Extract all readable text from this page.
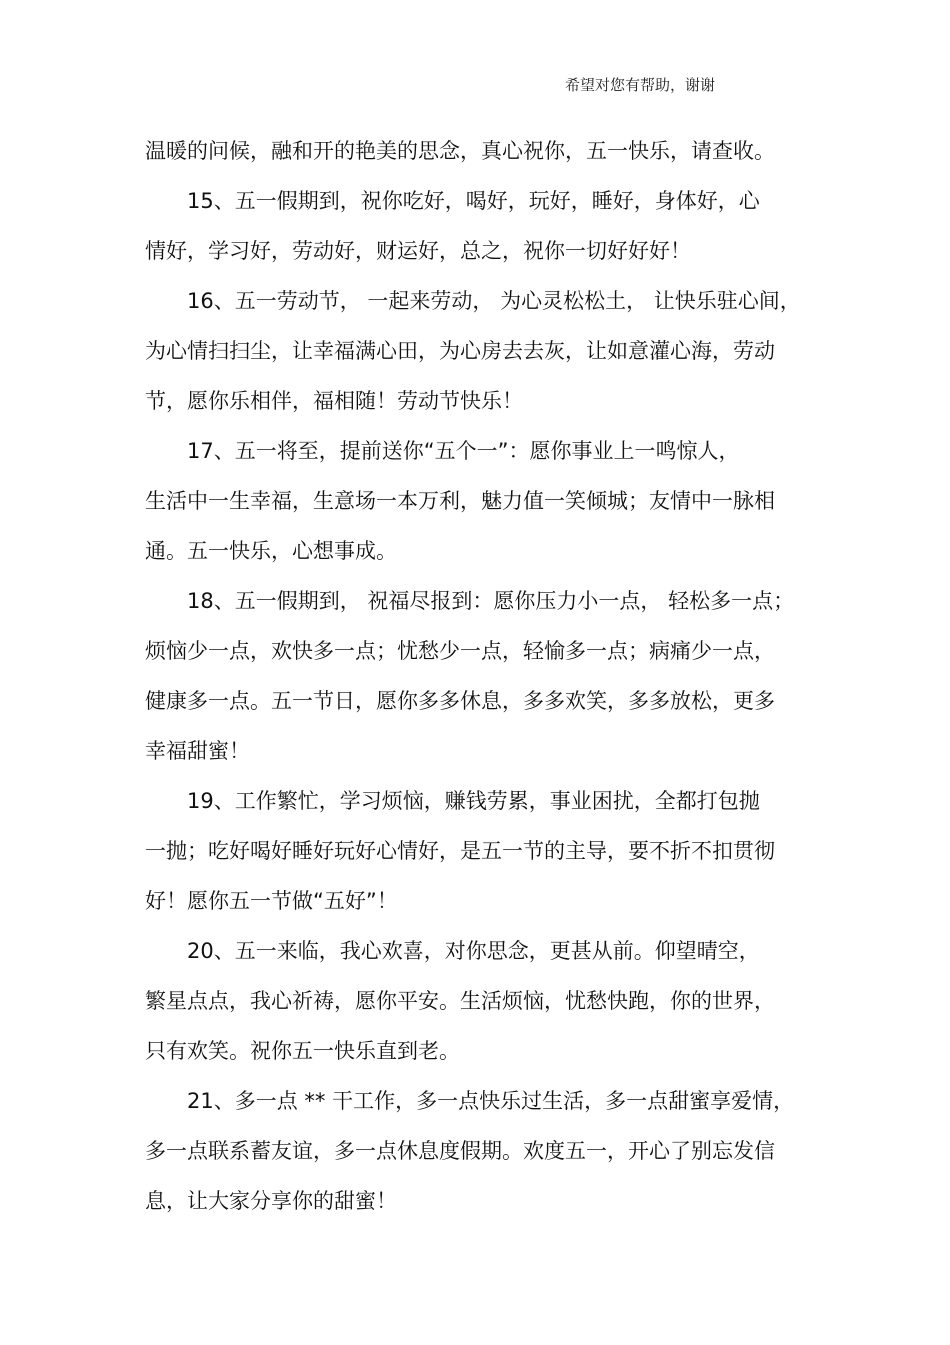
希望对您有帮助，谢谢
温暖的问候，融和开的艳美的思念，真心祝你，五一快乐，请查收。
15、五一假期到，祝你吃好，喝好，玩好，睡好，身体好，心
情好，学习好，劳动好，财运好，总之，祝你一切好好好！
16、五一劳动节， 一起来劳动， 为心灵松松土， 让快乐驻心间，
为心情扫扫尘，让幸福满心田，为心房去去灰，让如意灌心海，劳动
节，愿你乐相伴，福相随！劳动节快乐！
17、五一将至，提前送你“五个一”：愿你事业上一鸣惊人，
生活中一生幸福，生意场一本万利，魅力值一笑倾城；友情中一脉相
通。五一快乐，心想事成。
18、五一假期到， 祝福尽报到：愿你压力小一点， 轻松多一点；
烦恼少一点，欢快多一点；忧愁少一点，轻愉多一点；病痛少一点，
健康多一点。五一节日，愿你多多休息，多多欢笑，多多放松，更多
幸福甜蜜！
19、工作繁忙，学习烦恼，赚钱劳累，事业困扰，全都打包抛
一抛；吃好喝好睡好玩好心情好，是五一节的主导，要不折不扣贯彻
好！愿你五一节做“五好”！
20、五一来临，我心欢喜，对你思念，更甚从前。仰望晴空，
繁星点点，我心祈祷，愿你平安。生活烦恼，忧愁快跑，你的世界，
只有欢笑。祝你五一快乐直到老。
21、多一点 ** 干工作，多一点快乐过生活，多一点甜蜜享爱情，
多一点联系蓄友谊，多一点休息度假期。欢度五一，开心了别忘发信
息，让大家分享你的甜蜜！
